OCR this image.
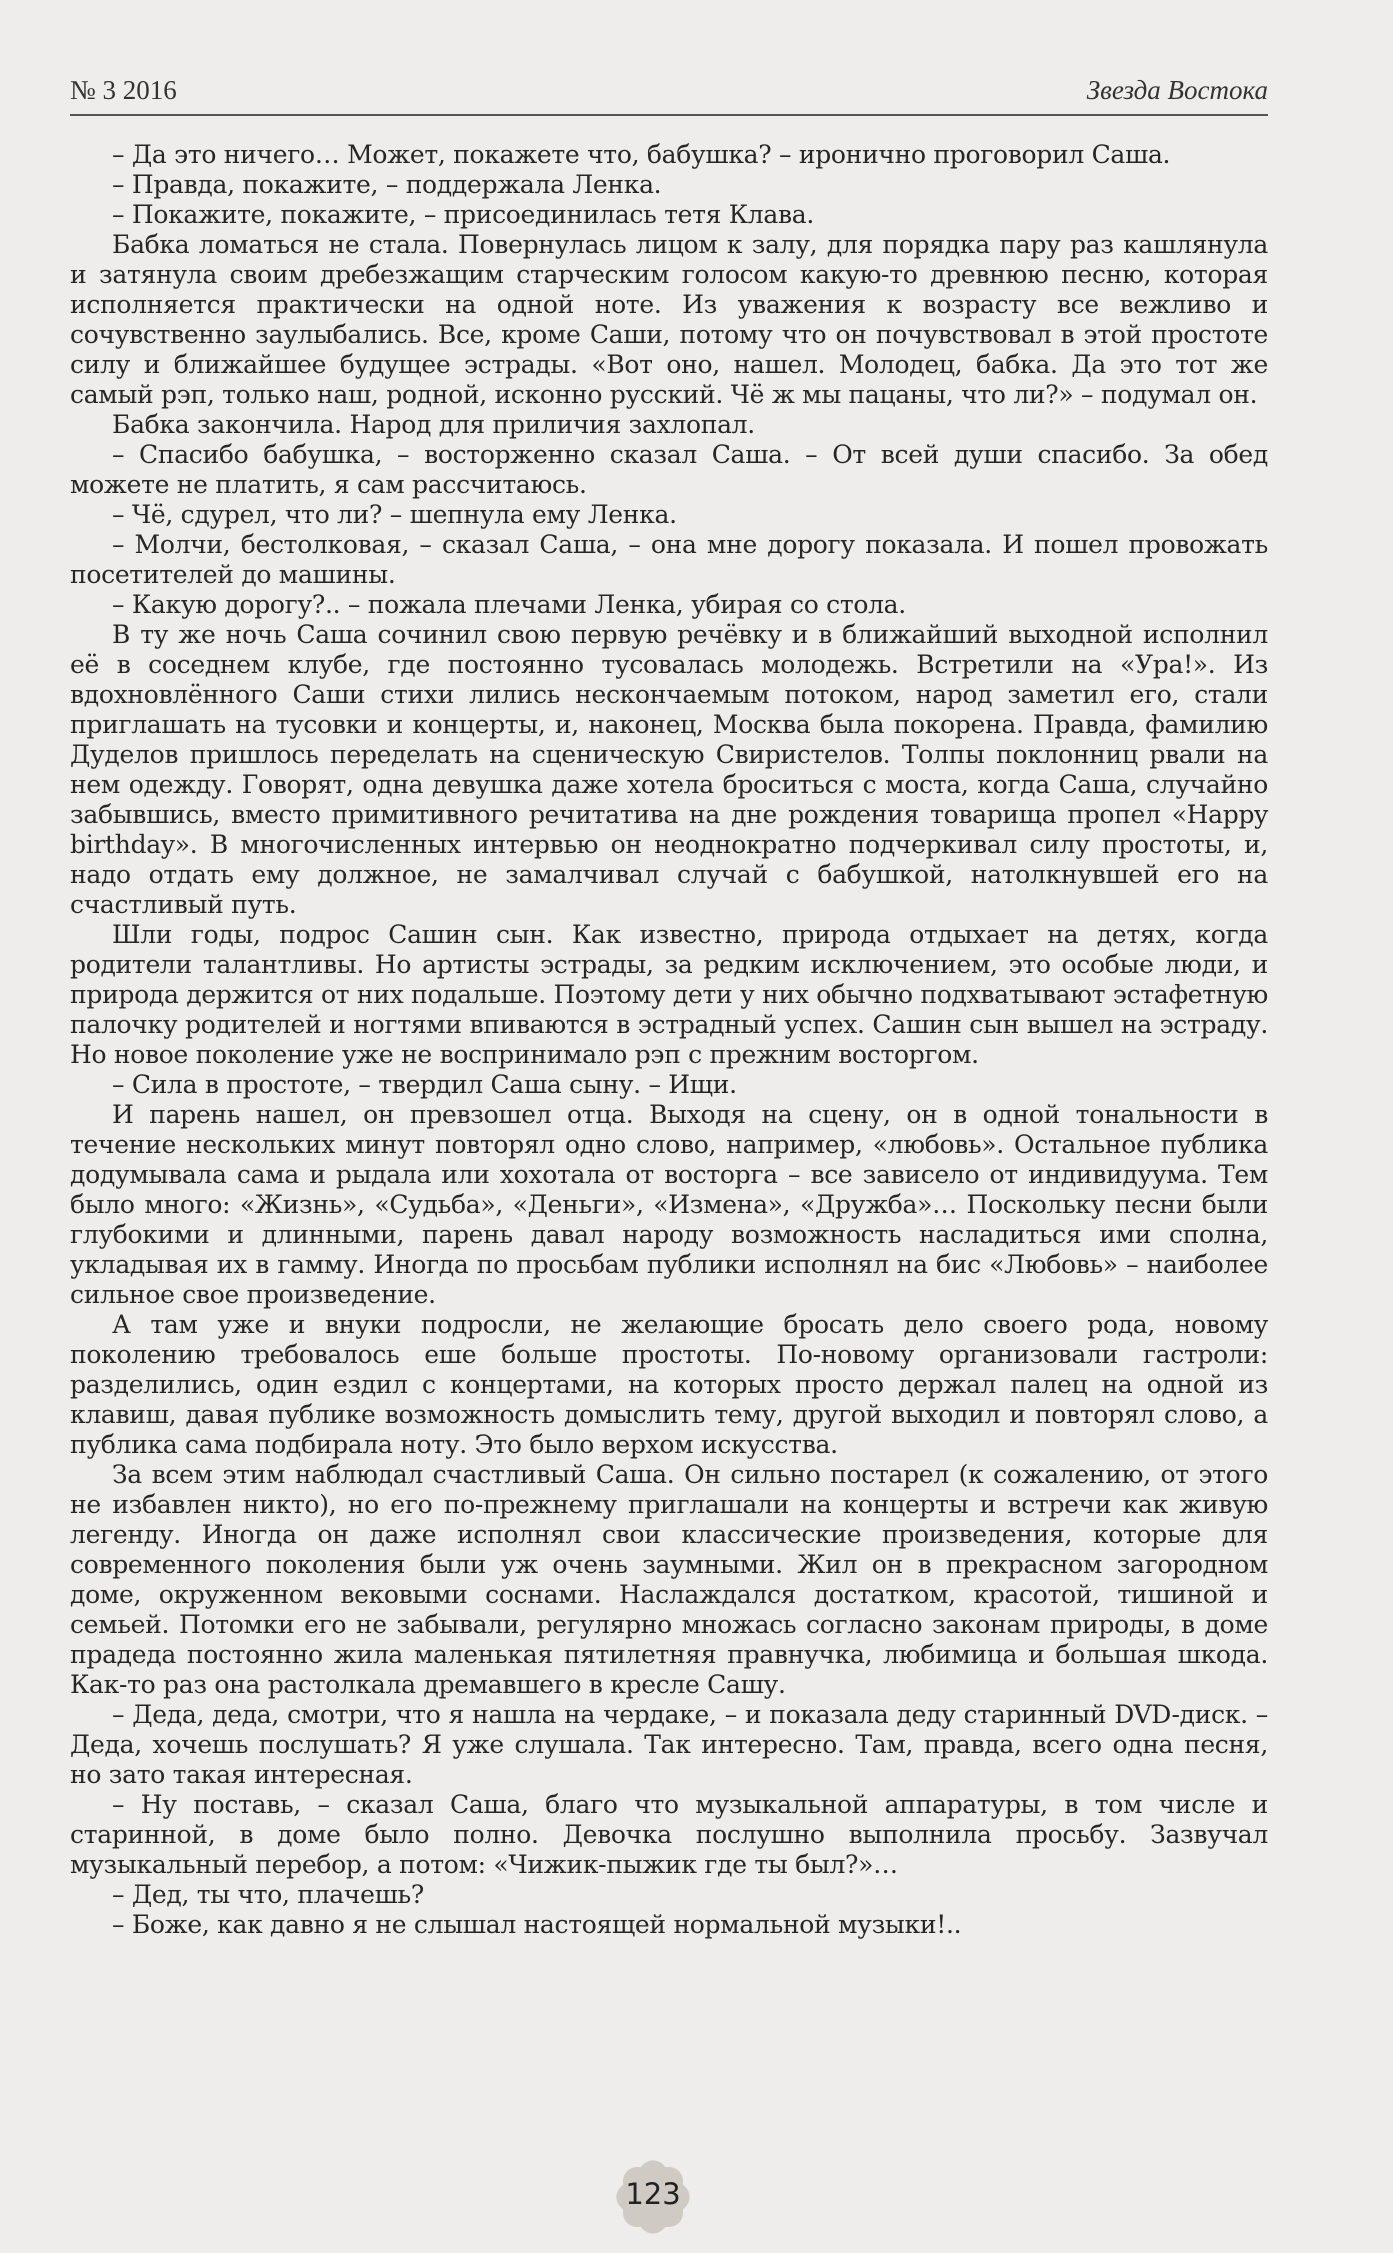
№ 3 2016	Звезда Востока

– Да это ничего… Может, покажете что, бабушка? – иронично проговорил Саша.

– Правда, покажите, – поддержала Ленка.

– Покажите, покажите, – присоединилась тетя Клава.

Бабка ломаться не стала. Повернулась лицом к залу, для порядка пару раз кашлянула и затянула своим дребезжащим старческим голосом какую-то древнюю песню, которая исполняется практически на одной ноте. Из уважения к возрасту все вежливо и сочувственно заулыбались. Все, кроме Саши, потому что он почувствовал в этой простоте силу и ближайшее будущее эстрады. «Вот оно, нашел. Молодец, бабка. Да это тот же самый рэп, только наш, родной, исконно русский. Чё ж мы пацаны, что ли?» – подумал он.

Бабка закончила. Народ для приличия захлопал.

– Спасибо бабушка, – восторженно сказал Саша. – От всей души спасибо. За обед можете не платить, я сам рассчитаюсь.

– Чё, сдурел, что ли? – шепнула ему Ленка.

– Молчи, бестолковая, – сказал Саша, – она мне дорогу показала. И пошел провожать посетителей до машины.

– Какую дорогу?.. – пожала плечами Ленка, убирая со стола.

В ту же ночь Саша сочинил свою первую речёвку и в ближайший выходной исполнил её в соседнем клубе, где постоянно тусовалась молодежь. Встретили на «Ура!». Из вдохновлённого Саши стихи лились нескончаемым потоком, народ заметил его, стали приглашать на тусовки и концерты, и, наконец, Москва была покорена. Правда, фамилию Дуделов пришлось переделать на сценическую Свиристелов. Толпы поклонниц рвали на нем одежду. Говорят, одна девушка даже хотела броситься с моста, когда Саша, случайно забывшись, вместо примитивного речитатива на дне рождения товарища пропел «Happy birthday». В многочисленных интервью он неоднократно подчеркивал силу простоты, и, надо отдать ему должное, не замалчивал случай с бабушкой, натолкнувшей его на счастливый путь.

Шли годы, подрос Сашин сын. Как известно, природа отдыхает на детях, когда родители талантливы. Но артисты эстрады, за редким исключением, это особые люди, и природа держится от них подальше. Поэтому дети у них обычно подхватывают эстафетную палочку родителей и ногтями впиваются в эстрадный успех. Сашин сын вышел на эстраду. Но новое поколение уже не воспринимало рэп с прежним восторгом.

– Сила в простоте, – твердил Саша сыну. – Ищи.

И парень нашел, он превзошел отца. Выходя на сцену, он в одной тональности в течение нескольких минут повторял одно слово, например, «любовь». Остальное публика додумывала сама и рыдала или хохотала от восторга – все зависело от индивидуума. Тем было много: «Жизнь», «Судьба», «Деньги», «Измена», «Дружба»… Поскольку песни были глубокими и длинными, парень давал народу возможность насладиться ими сполна, укладывая их в гамму. Иногда по просьбам публики исполнял на бис «Любовь» – наиболее сильное свое произведение.

А там уже и внуки подросли, не желающие бросать дело своего рода, новому поколению требовалось еше больше простоты. По-новому организовали гастроли: разделились, один ездил с концертами, на которых просто держал палец на одной из клавиш, давая публике возможность домыслить тему, другой выходил и повторял слово, а публика сама подбирала ноту. Это было верхом искусства.

За всем этим наблюдал счастливый Саша. Он сильно постарел (к сожалению, от этого не избавлен никто), но его по-прежнему приглашали на концерты и встречи как живую легенду. Иногда он даже исполнял свои классические произведения, которые для современного поколения были уж очень заумными. Жил он в прекрасном загородном доме, окруженном вековыми соснами. Наслаждался достатком, красотой, тишиной и семьей. Потомки его не забывали, регулярно множась согласно законам природы, в доме прадеда постоянно жила маленькая пятилетняя правнучка, любимица и большая шкода. Как-то раз она растолкала дремавшего в кресле Сашу.

– Деда, деда, смотри, что я нашла на чердаке, – и показала деду старинный DVD-диск. – Деда, хочешь послушать? Я уже слушала. Так интересно. Там, правда, всего одна песня, но зато такая интересная.

– Ну поставь, – сказал Саша, благо что музыкальной аппаратуры, в том числе и старинной, в доме было полно. Девочка послушно выполнила просьбу. Зазвучал музыкальный перебор, а потом: «Чижик-пыжик где ты был?»…

– Дед, ты что, плачешь?

– Боже, как давно я не слышал настоящей нормальной музыки!..

123
